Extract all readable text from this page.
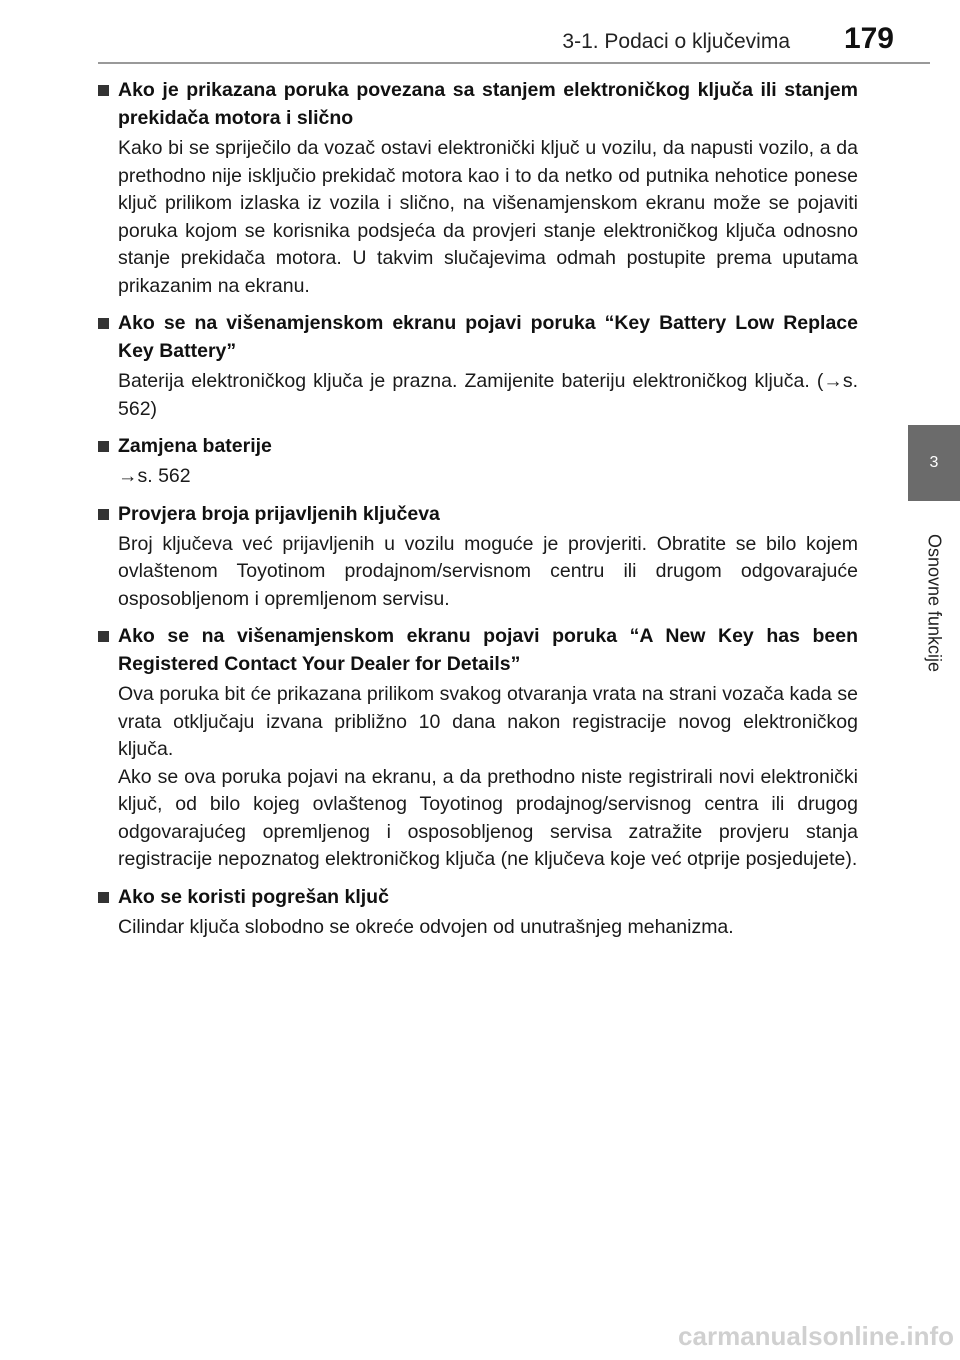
3-1. Podaci o ključevima 179
3
Osnovne funkcije
Ako je prikazana poruka povezana sa stanjem elektroničkog ključa ili stanjem prekidača motora i slično

Kako bi se spriječilo da vozač ostavi elektronički ključ u vozilu, da napusti vozilo, a da prethodno nije isključio prekidač motora kao i to da netko od putnika nehotice ponese ključ prilikom izlaska iz vozila i slično, na višenamjenskom ekranu može se pojaviti poruka kojom se korisnika podsjeća da provjeri stanje elektroničkog ključa odnosno stanje prekidača motora. U takvim slučajevima odmah postupite prema uputama prikazanim na ekranu.

Ako se na višenamjenskom ekranu pojavi poruka “Key Battery Low Replace Key Battery”

Baterija elektroničkog ključa je prazna. Zamijenite bateriju elektroničkog ključa. (→s. 562)

Zamjena baterije

→s. 562

Provjera broja prijavljenih ključeva

Broj ključeva već prijavljenih u vozilu moguće je provjeriti. Obratite se bilo kojem ovlaštenom Toyotinom prodajnom/servisnom centru ili drugom odgovarajuće osposobljenom i opremljenom servisu.

Ako se na višenamjenskom ekranu pojavi poruka “A New Key has been Registered Contact Your Dealer for Details”

Ova poruka bit će prikazana prilikom svakog otvaranja vrata na strani vozača kada se vrata otključaju izvana približno 10 dana nakon registracije novog elektroničkog ključa.

Ako se ova poruka pojavi na ekranu, a da prethodno niste registrirali novi elektronički ključ, od bilo kojeg ovlaštenog Toyotinog prodajnog/servisnog centra ili drugog odgovarajućeg opremljenog i osposobljenog servisa zatražite provjeru stanja registracije nepoznatog elektroničkog ključa (ne ključeva koje već otprije posjedujete).

Ako se koristi pogrešan ključ

Cilindar ključa slobodno se okreće odvojen od unutrašnjeg mehanizma.

carmanualsonline.info
